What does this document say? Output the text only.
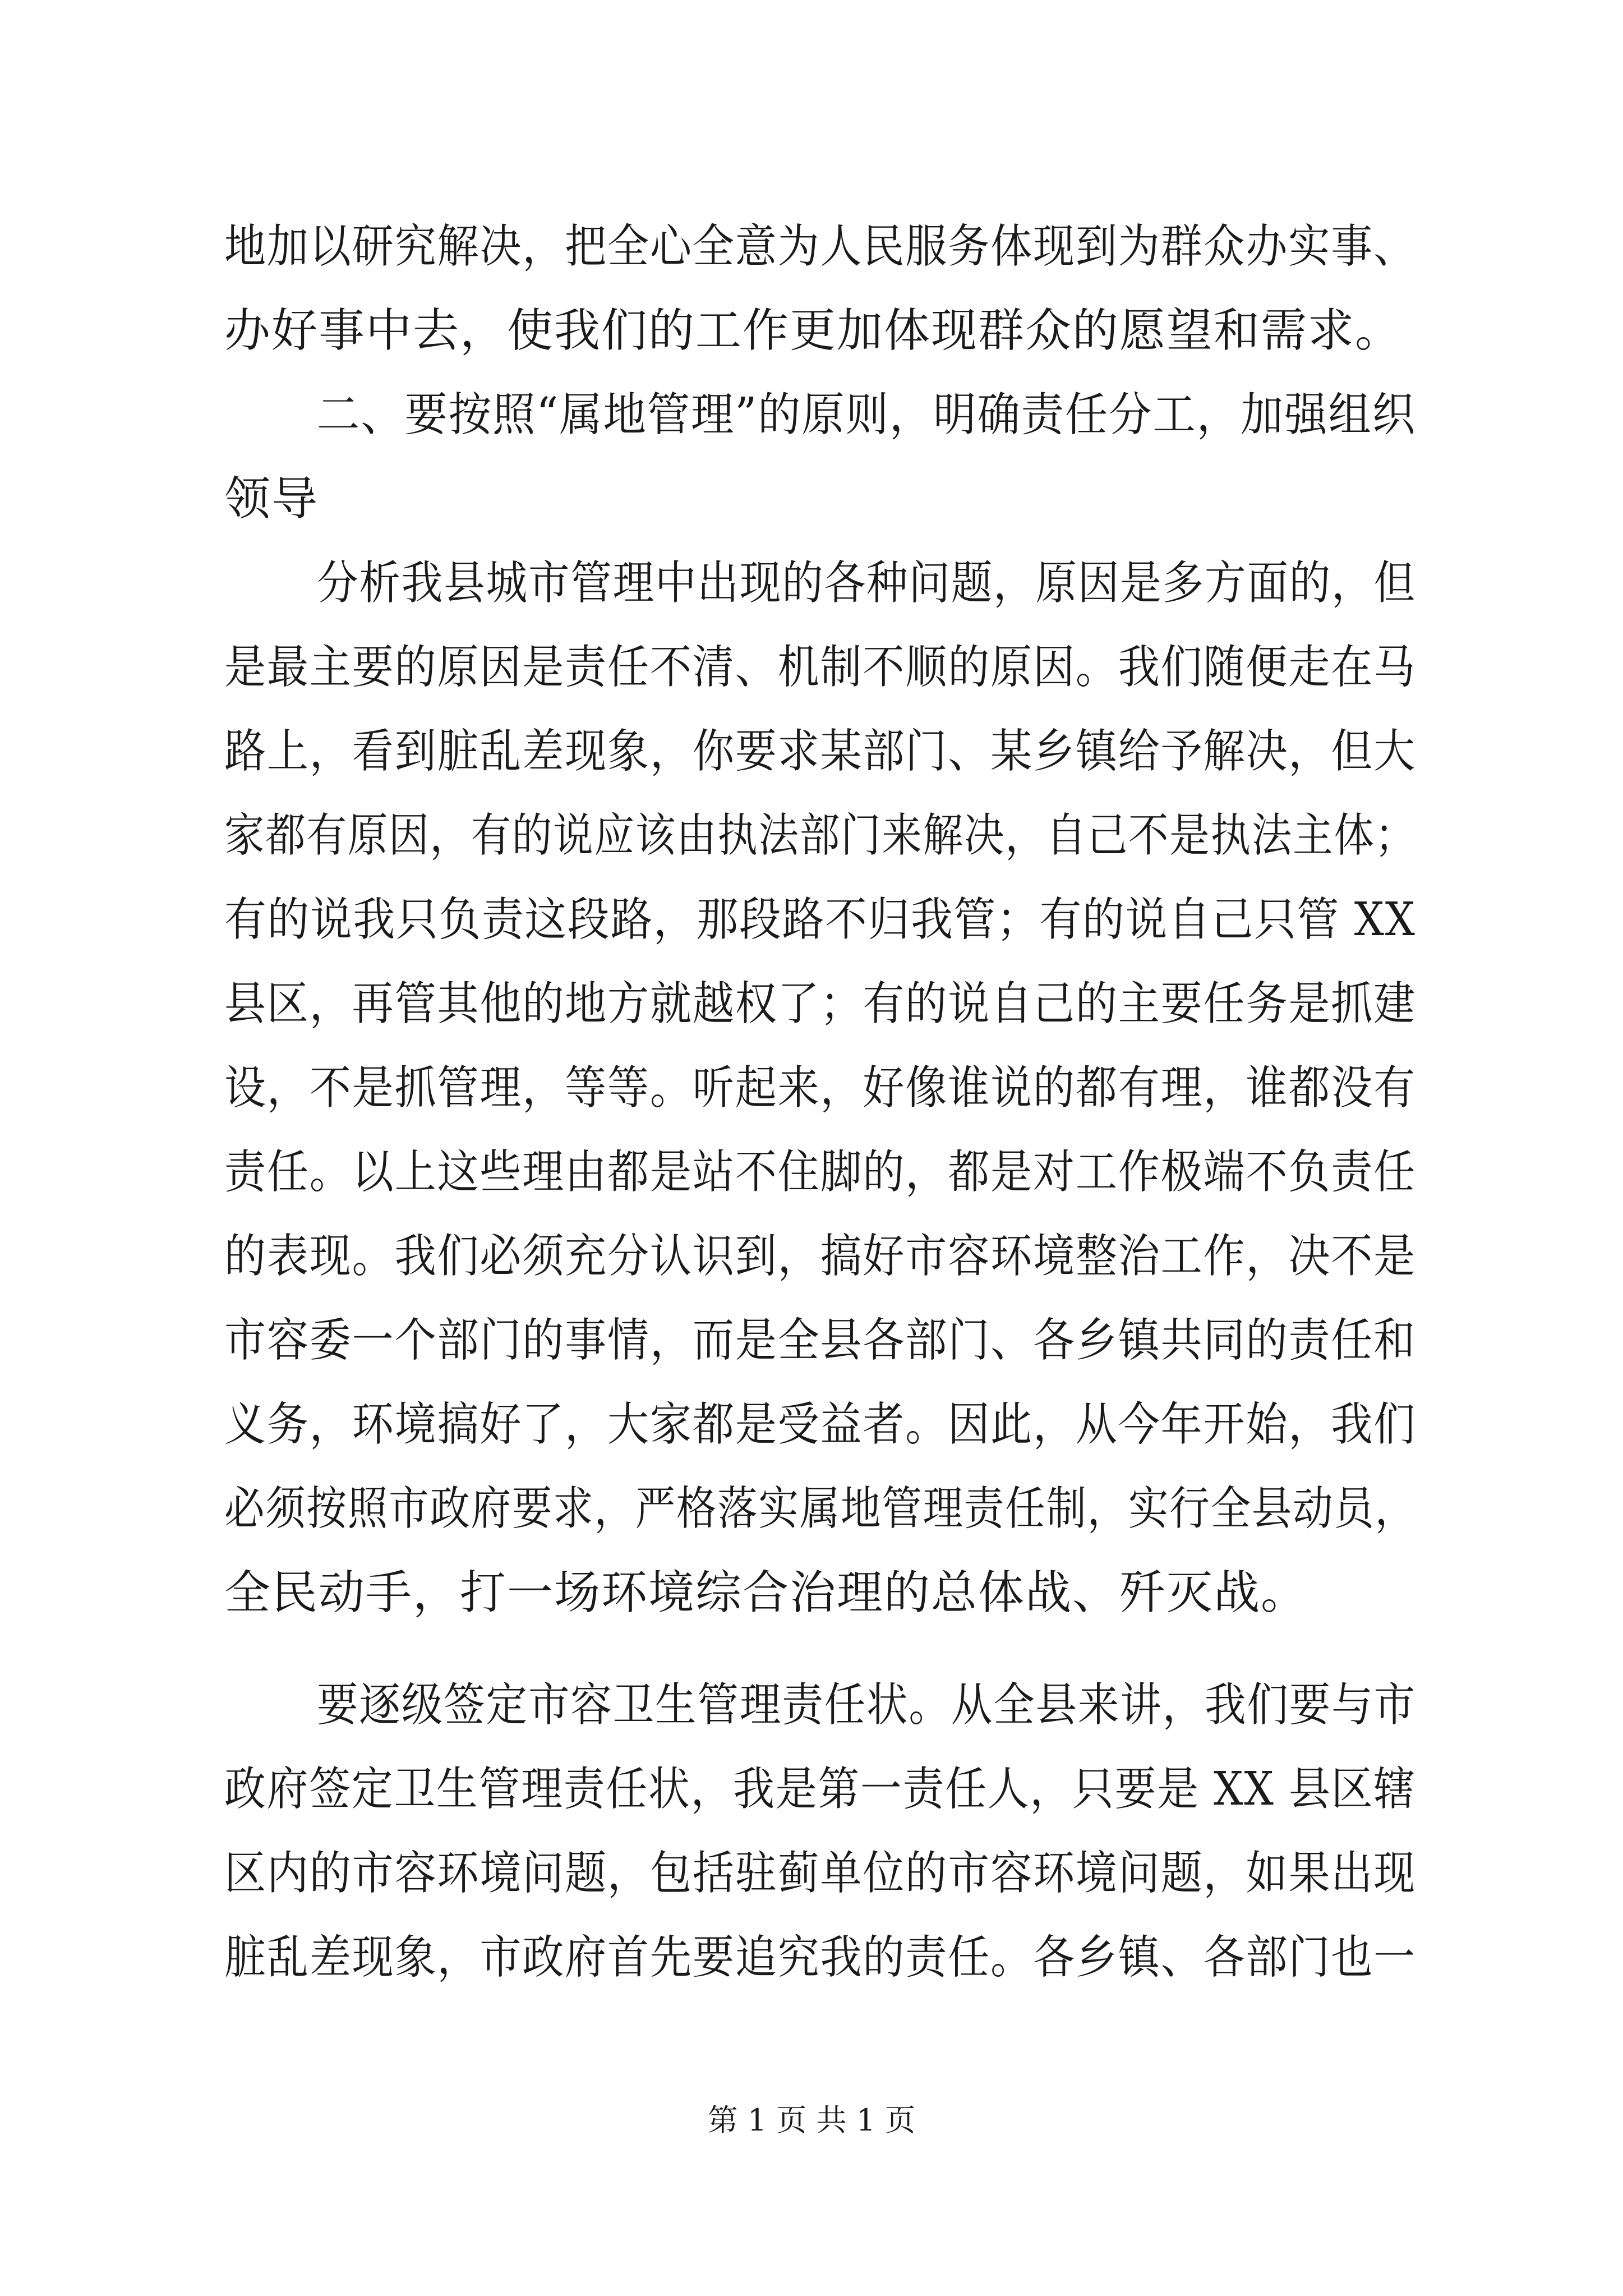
地加以研究解决，把全心全意为人民服务体现到为群众办实事、
办好事中去，使我们的工作更加体现群众的愿望和需求。
二、要按照“属地管理”的原则，明确责任分工，加强组织
领导
分析我县城市管理中出现的各种问题，原因是多方面的，但
是最主要的原因是责任不清、机制不顺的原因。我们随便走在马
路上，看到脏乱差现象，你要求某部门、某乡镇给予解决，但大
家都有原因，有的说应该由执法部门来解决，自己不是执法主体；
有的说我只负责这段路，那段路不归我管；有的说自己只管 XX
县区，再管其他的地方就越权了；有的说自己的主要任务是抓建
设，不是抓管理，等等。听起来，好像谁说的都有理，谁都没有
责任。以上这些理由都是站不住脚的，都是对工作极端不负责任
的表现。我们必须充分认识到，搞好市容环境整治工作，决不是
市容委一个部门的事情，而是全县各部门、各乡镇共同的责任和
义务，环境搞好了，大家都是受益者。因此，从今年开始，我们
必须按照市政府要求，严格落实属地管理责任制，实行全县动员，
全民动手，打一场环境综合治理的总体战、歼灭战。
要逐级签定市容卫生管理责任状。从全县来讲，我们要与市
政府签定卫生管理责任状，我是第一责任人，只要是 XX 县区辖
区内的市容环境问题，包括驻蓟单位的市容环境问题，如果出现
脏乱差现象，市政府首先要追究我的责任。各乡镇、各部门也一
第 1 页 共 1 页
